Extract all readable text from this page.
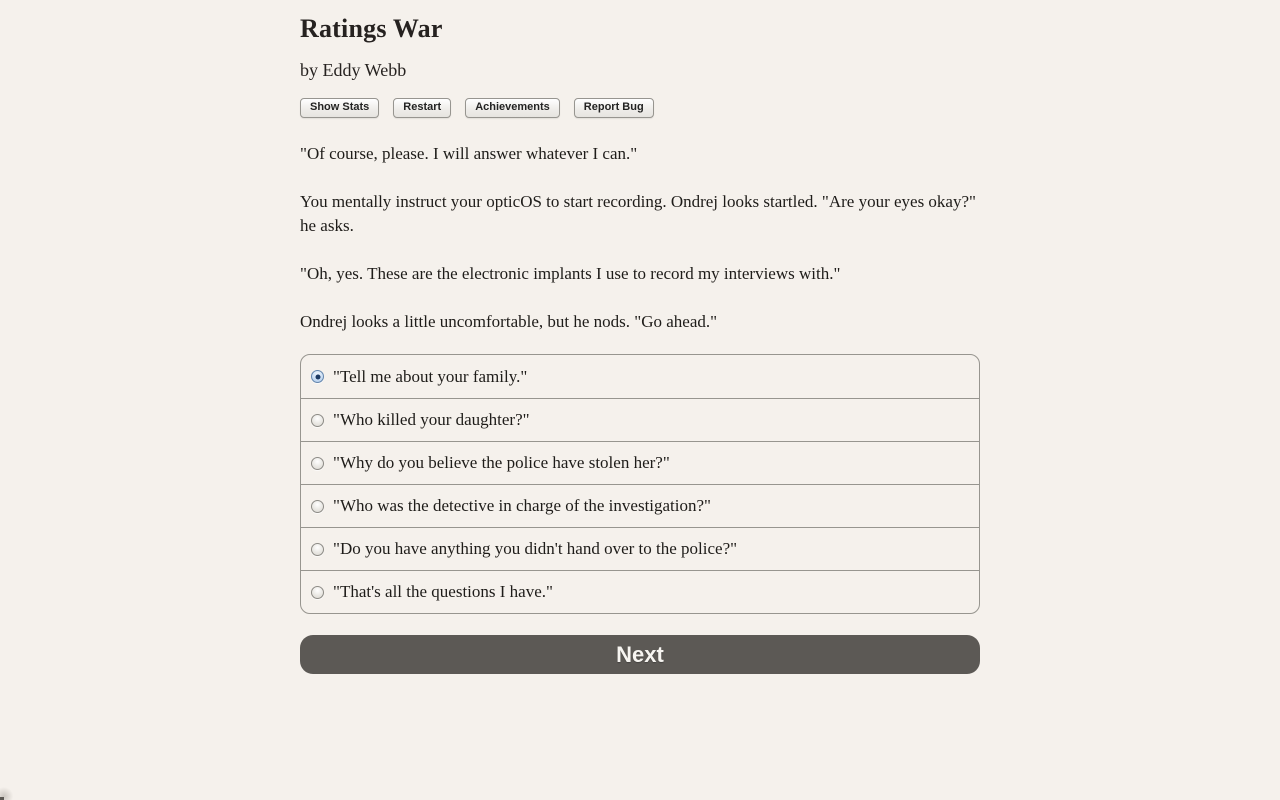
Ratings War
by Eddy Webb
Show Stats	Restart	Achievements	Report Bug

"Of course, please. I will answer whatever I can."

You mentally instruct your opticOS to start recording. Ondrej looks startled. "Are your eyes okay?" he asks.

"Oh, yes. These are the electronic implants I use to record my interviews with."

Ondrej looks a little uncomfortable, but he nods. "Go ahead."

"Tell me about your family."
"Who killed your daughter?"
"Why do you believe the police have stolen her?"
"Who was the detective in charge of the investigation?"
"Do you have anything you didn't hand over to the police?"
"That's all the questions I have."
Next
